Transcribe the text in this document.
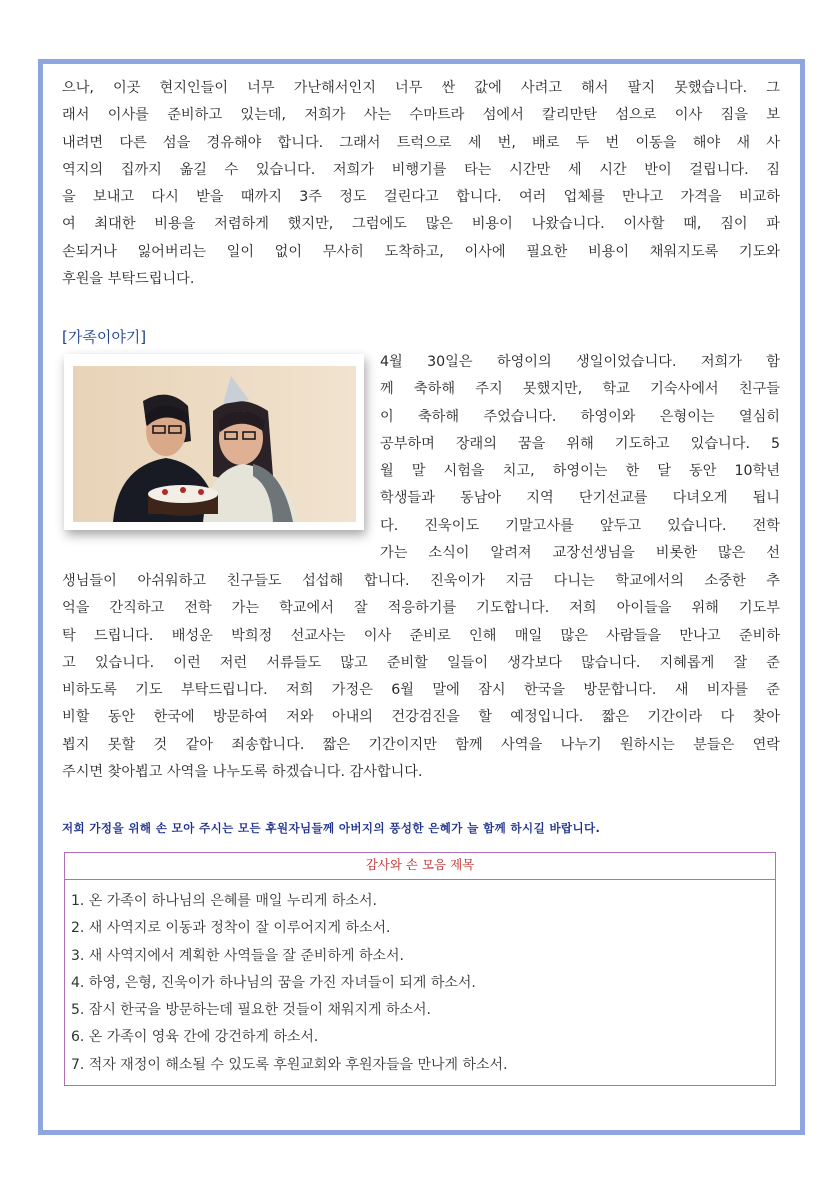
으나, 이곳 현지인들이 너무 가난해서인지 너무 싼 값에 사려고 해서 팔지 못했습니다. 그
래서 이사를 준비하고 있는데, 저희가 사는 수마트라 섬에서 칼리만탄 섬으로 이사 짐을 보
내려면 다른 섬을 경유해야 합니다. 그래서 트럭으로 세 번, 배로 두 번 이동을 해야 새 사
역지의 집까지 옮길 수 있습니다. 저희가 비행기를 타는 시간만 세 시간 반이 걸립니다. 짐
을 보내고 다시 받을 때까지 3주 정도 걸린다고 합니다. 여러 업체를 만나고 가격을 비교하
여 최대한 비용을 저렴하게 했지만, 그럼에도 많은 비용이 나왔습니다. 이사할 때, 짐이 파
손되거나 잃어버리는 일이 없이 무사히 도착하고, 이사에 필요한 비용이 채워지도록 기도와
후원을 부탁드립니다.
[가족이야기]
4월 30일은 하영이의 생일이었습니다. 저희가 함
께 축하해 주지 못했지만, 학교 기숙사에서 친구들
이 축하해 주었습니다. 하영이와 은형이는 열심히
공부하며 장래의 꿈을 위해 기도하고 있습니다. 5
월 말 시험을 치고, 하영이는 한 달 동안 10학년
학생들과 동남아 지역 단기선교를 다녀오게 됩니
다. 진욱이도 기말고사를 앞두고 있습니다. 전학
가는 소식이 알려져 교장선생님을 비롯한 많은 선
생님들이 아쉬워하고 친구들도 섭섭해 합니다. 진욱이가 지금 다니는 학교에서의 소중한 추
억을 간직하고 전학 가는 학교에서 잘 적응하기를 기도합니다. 저희 아이들을 위해 기도부
탁 드립니다. 배성운 박희정 선교사는 이사 준비로 인해 매일 많은 사람들을 만나고 준비하
고 있습니다. 이런 저런 서류들도 많고 준비할 일들이 생각보다 많습니다. 지혜롭게 잘 준
비하도록 기도 부탁드립니다. 저희 가정은 6월 말에 잠시 한국을 방문합니다. 새 비자를 준
비할 동안 한국에 방문하여 저와 아내의 건강검진을 할 예정입니다. 짧은 기간이라 다 찾아
뵙지 못할 것 같아 죄송합니다. 짧은 기간이지만 함께 사역을 나누기 원하시는 분들은 연락
주시면 찾아뵙고 사역을 나누도록 하겠습니다. 감사합니다.
저희 가정을 위해 손 모아 주시는 모든 후원자님들께 아버지의 풍성한 은혜가 늘 함께 하시길 바랍니다.
감사와 손 모음 제목
1. 온 가족이 하나님의 은혜를 매일 누리게 하소서.
2. 새 사역지로 이동과 정착이 잘 이루어지게 하소서.
3. 새 사역지에서 계획한 사역들을 잘 준비하게 하소서.
4. 하영, 은형, 진욱이가 하나님의 꿈을 가진 자녀들이 되게 하소서.
5. 잠시 한국을 방문하는데 필요한 것들이 채워지게 하소서.
6. 온 가족이 영육 간에 강건하게 하소서.
7. 적자 재정이 해소될 수 있도록 후원교회와 후원자들을 만나게 하소서.
